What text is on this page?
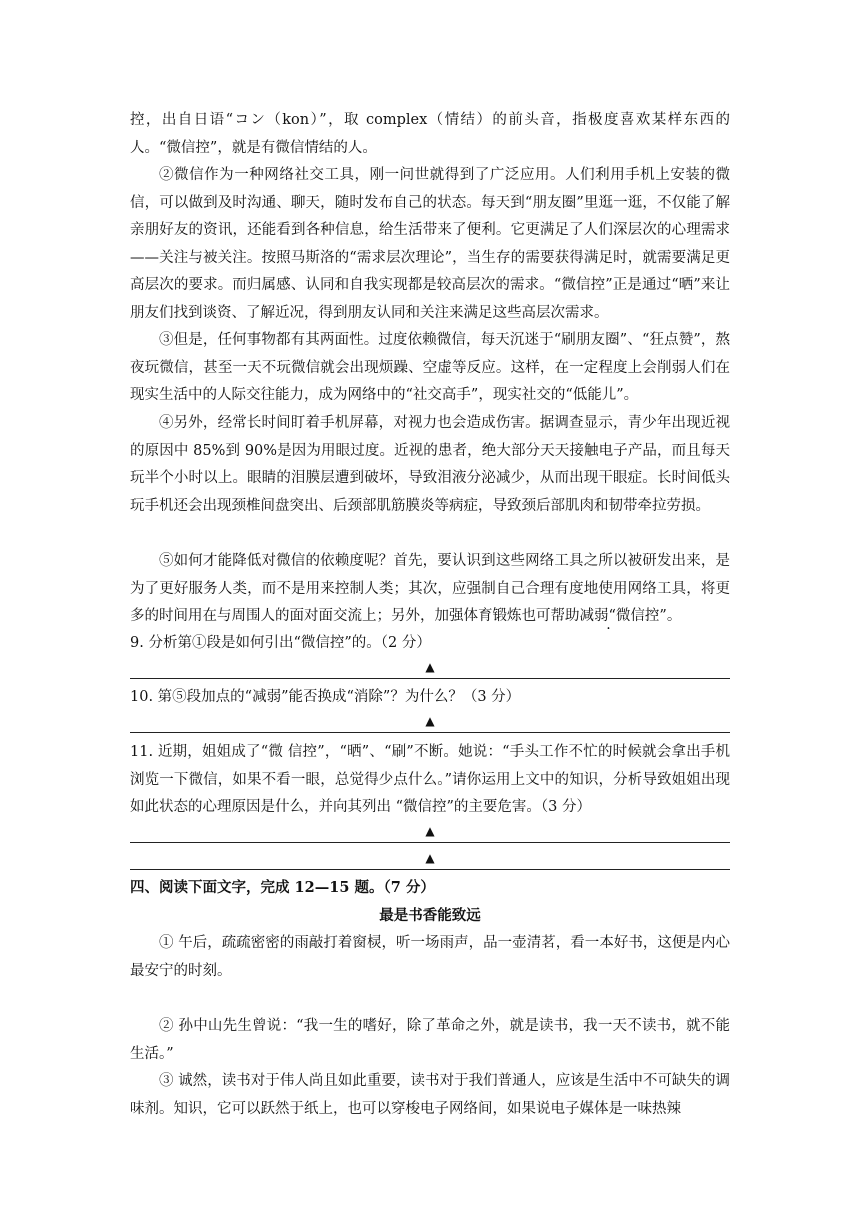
控，出自日语“コン（kon）”，取 complex（情结）的前头音，指极度喜欢某样东西的人。“微信控”，就是有微信情结的人。

②微信作为一种网络社交工具，刚一问世就得到了广泛应用。人们利用手机上安装的微信，可以做到及时沟通、聊天，随时发布自己的状态。每天到“朋友圈”里逛一逛，不仅能了解亲朋好友的资讯，还能看到各种信息，给生活带来了便利。它更满足了人们深层次的心理需求——关注与被关注。按照马斯洛的“需求层次理论”，当生存的需要获得满足时，就需要满足更高层次的要求。而归属感、认同和自我实现都是较高层次的需求。“微信控”正是通过“晒”来让朋友们找到谈资、了解近况，得到朋友认同和关注来满足这些高层次需求。

③但是，任何事物都有其两面性。过度依赖微信，每天沉迷于“刷朋友圈”、“狂点赞”，熬夜玩微信，甚至一天不玩微信就会出现烦躁、空虚等反应。这样，在一定程度上会削弱人们在现实生活中的人际交往能力，成为网络中的“社交高手”，现实社交的“低能儿”。

④另外，经常长时间盯着手机屏幕，对视力也会造成伤害。据调查显示，青少年出现近视的原因中 85%到 90%是因为用眼过度。近视的患者，绝大部分天天接触电子产品，而且每天玩半个小时以上。眼睛的泪膜层遭到破坏，导致泪液分泌减少，从而出现干眼症。长时间低头玩手机还会出现颈椎间盘突出、后颈部肌筋膜炎等病症，导致颈后部肌肉和韧带牵拉劳损。

⑤如何才能降低对微信的依赖度呢？首先，要认识到这些网络工具之所以被研发出来，是为了更好服务人类，而不是用来控制人类；其次，应强制自己合理有度地使用网络工具，将更多的时间用在与周围人的面对面交流上；另外，加强体育锻炼也可帮助减弱“微信控”。

9. 分析第①段是如何引出“微信控”的。（2 分）

▲

10. 第⑤段加点的“减弱”能否换成“消除”？为什么？（3 分）

▲

11. 近期，姐姐成了“微 信控”，“晒”、“刷”不断。她说：“手头工作不忙的时候就会拿出手机浏览一下微信，如果不看一眼，总觉得少点什么。”请你运用上文中的知识，分析导致姐姐出现如此状态的心理原因是什么，并向其列出 “微信控”的主要危害。（3 分）

▲
▲
四、阅读下面文字，完成 12—15 题。（7 分）
最是书香能致远

① 午后，疏疏密密的雨敲打着窗棂，听一场雨声，品一壶清茗，看一本好书，这便是内心最安宁的时刻。

② 孙中山先生曾说：“我一生的嗜好，除了革命之外，就是读书，我一天不读书，就不能生活。”

③ 诚然，读书对于伟人尚且如此重要，读书对于我们普通人，应该是生活中不可缺失的调味剂。知识，它可以跃然于纸上，也可以穿梭电子网络间，如果说电子媒体是一味热辣
